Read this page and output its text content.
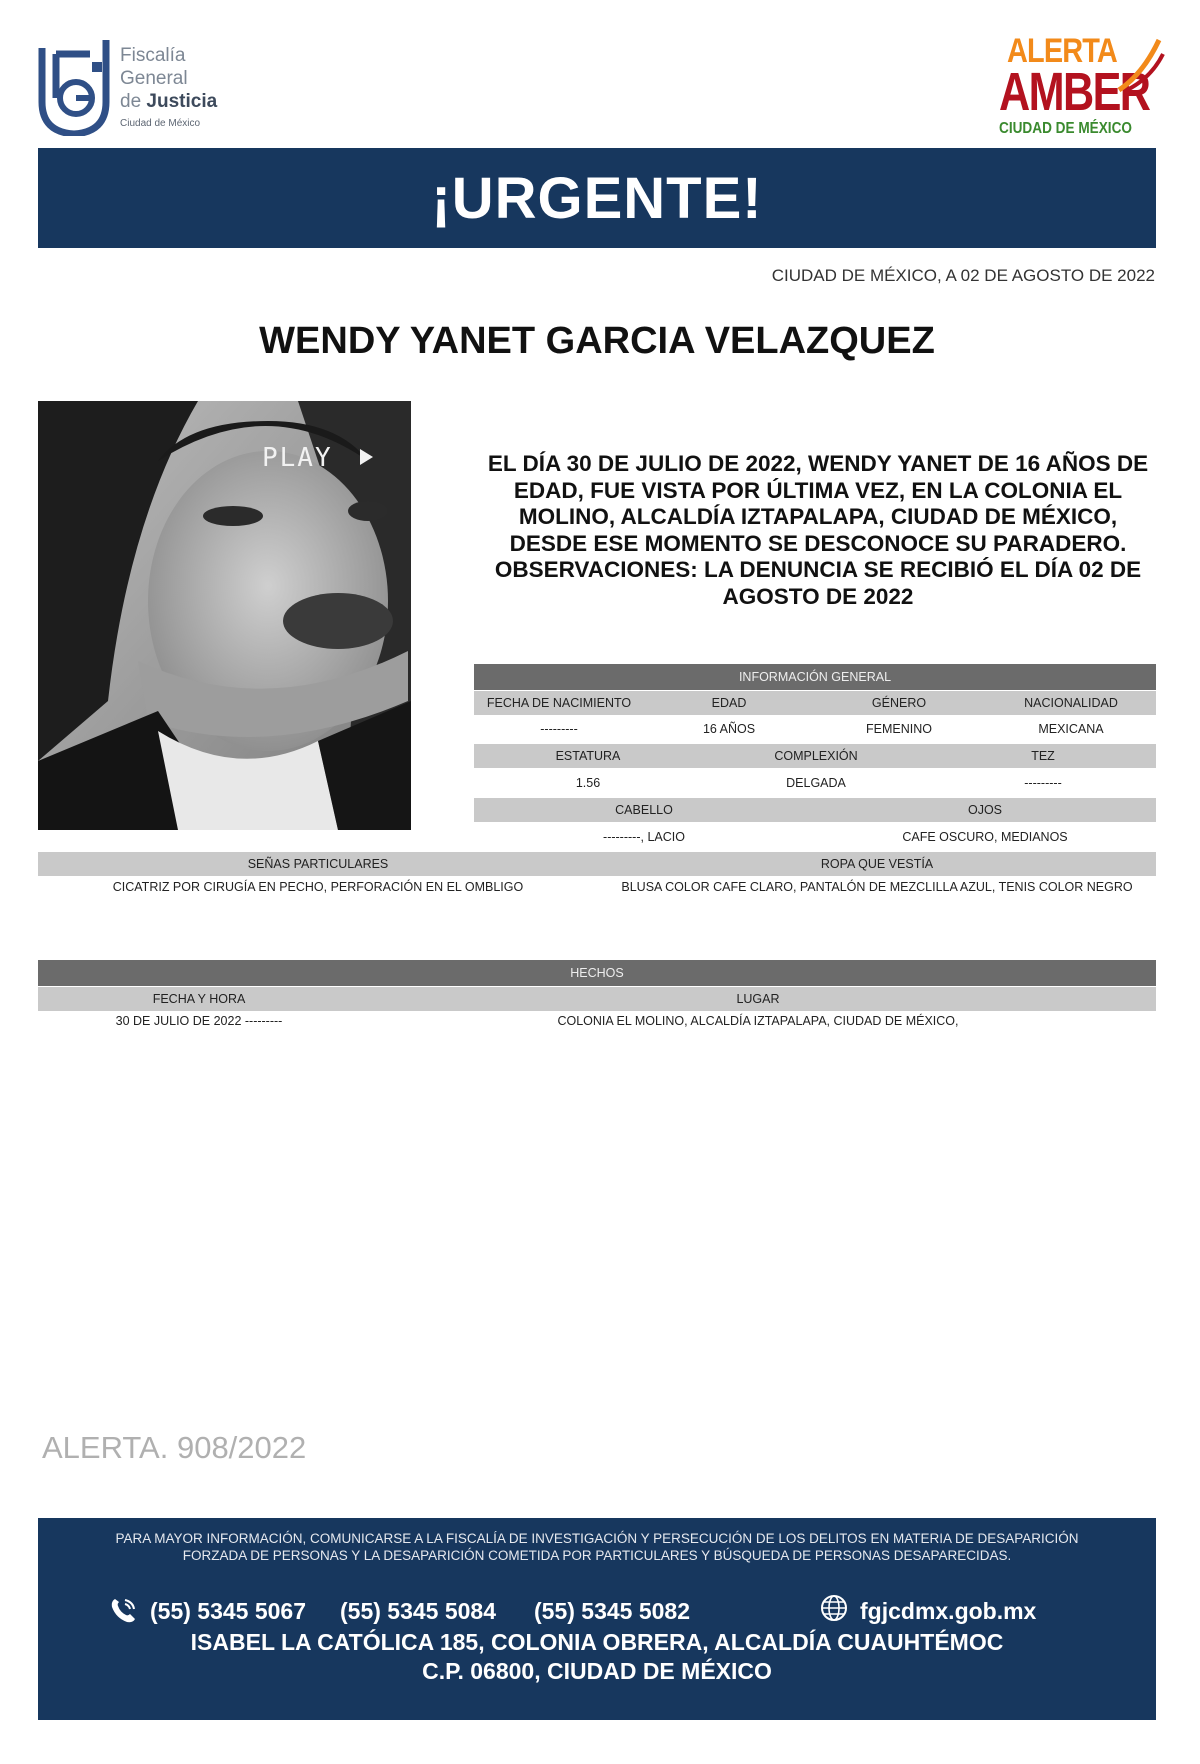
Fiscalía
General
de Justicia
Ciudad de México
ALERTA
AMBER
CIUDAD DE MÉXICO
¡URGENTE!
CIUDAD DE MÉXICO, A 02 DE AGOSTO DE 2022
WENDY YANET GARCIA VELAZQUEZ
PLAY	EL DÍA 30 DE JULIO DE 2022, WENDY YANET DE 16 AÑOS DE EDAD, FUE VISTA POR ÚLTIMA VEZ, EN LA COLONIA EL MOLINO, ALCALDÍA IZTAPALAPA, CIUDAD DE MÉXICO, DESDE ESE MOMENTO SE DESCONOCE SU PARADERO. OBSERVACIONES: LA DENUNCIA SE RECIBIÓ EL DÍA 02 DE AGOSTO DE 2022
INFORMACIÓN GENERAL
FECHA DE NACIMIENTO	EDAD	GÉNERO	NACIONALIDAD
---------	16 AÑOS	FEMENINO	MEXICANA
ESTATURA	COMPLEXIÓN	TEZ
1.56	DELGADA	---------
CABELLO	OJOS
---------, LACIO	CAFE OSCURO, MEDIANOS
SEÑAS PARTICULARES	ROPA QUE VESTÍA
CICATRIZ POR CIRUGÍA EN PECHO, PERFORACIÓN EN EL OMBLIGO	BLUSA COLOR CAFE CLARO, PANTALÓN DE MEZCLILLA AZUL, TENIS COLOR NEGRO
HECHOS
FECHA Y HORA	LUGAR
30 DE JULIO DE 2022 ---------	COLONIA EL MOLINO, ALCALDÍA IZTAPALAPA, CIUDAD DE MÉXICO,
ALERTA. 908/2022
PARA MAYOR INFORMACIÓN, COMUNICARSE A LA FISCALÍA DE INVESTIGACIÓN Y PERSECUCIÓN DE LOS DELITOS EN MATERIA DE DESAPARICIÓN
FORZADA DE PERSONAS Y LA DESAPARICIÓN COMETIDA POR PARTICULARES Y BÚSQUEDA DE PERSONAS DESAPARECIDAS.
(55) 5345 5067 (55) 5345 5084 (55) 5345 5082	fgjcdmx.gob.mx
ISABEL LA CATÓLICA 185, COLONIA OBRERA, ALCALDÍA CUAUHTÉMOC
C.P. 06800, CIUDAD DE MÉXICO
